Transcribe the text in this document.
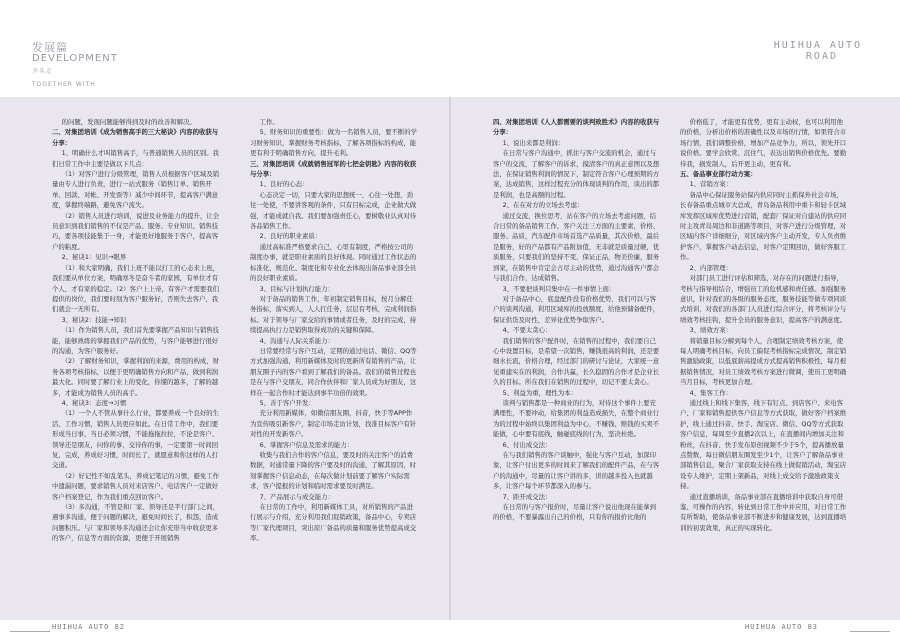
发展篇
DEVELOPMENT
齐头走
TOGETHER WITH
HUIHUA AUTO
ROAD

的问题，发现问题能够得到及时的改善和解决。

二、对集团培训《成为销售高手的三大秘诀》内容的收获与分享：

1、明确什么才叫销售高手，与普通销售人员的区别。我们日常工作中主要是做以下几点：

（1）对客户进行分级管理，销售人员根据客户区域及销量由专人进行负责，进行一站式服务（销售订单、销售开单、回款、对帐、开发票等）减少中间环节，提高客户满意度，掌握终端路，避免客户流失。

（2）销售人员进行培训，说进及业务能力的提升，让全员意识到我们销售的不仅是产品、服务、专业知识、销售技巧，要各项技能集于一身，才能更好地服务于客户，提高客户的粘度。

2、秘诀1：见识→眼界

（1）和大家明确，我们上班不能以打工的心态来上班，我们要从单位方案，明确寒冬是奋斗者的家园，有单位才有个人，才有家的稳定。（2）客户上上帝，有客户才需要我们提供的岗位，我们要时刻为客户服务好，否则失去客户，我们就会一无所有。

3、秘诀2：技能→知识

（1）作为销售人员，我们首先要掌握产品知识与销售技能，能够熟练的掌握我们产品的优势，与客户能够进行很好的沟通，为客户服务好。

（2）了解财务知识，掌握利润的来源，费用的构成，财务各项考核指标，以便于更明确销售方向和产品，做到利润最大化。同时要了解行业上的变化，你懂的越多，了解的越多，才能成为销售人员的高手。

4、秘诀3：态度→习惯

（1）一个人不管从事什么行业，都要养成一个良好的生活、工作习惯，销售人员更应如此。在日常工作中，我们要形成当日事，当日必须习惯，不能拖拖拉拉，不论是客户、领导还是朋友，问你的事，交待你的事，一定要第一时间回复，完成，养成好习惯，时间长了，就愿意和你这样的人打交道。

（2）好记性不如乱笔头，养成记笔记的习惯，避免工作中遗漏问题，要求销售人员对来店客户、电话客户一定做好客户档案登记，作为我们重点回访客户。

（3）多沟通，不管是和厂家、领导还是平行部门之间，遇事多沟通，便于问题的解决，避免时间长了，积怨，造成问题积压。与厂家和领导多沟通还会让你充形当中收获更多的客户，信息等方面的资源，更便于开展销售

工作。

5、财务知识的重要性：做为一名销售人员，要不断的学习财务知识，掌握财务考核指标，了解各项指标的构成，能更有利于明确销售方向，提升毛利。

三、对集团培训《成就销售冠军的七把金钥匙》内容的收获与分享：

1、良好的心态：

心态决定一切，只要大家的思想统一，心往一处想，劲往一处使，不要讲客观的条件，只有目标完成，企业做大做强，才能成就自我。我们要加强责任心，要树敬业认真对待各品销售工作。

2、良好的职业素质：

通过高标准严格要求自己，心里有制度，严格按公司的制度办事，就是职业素质的良好体现。同时通过工作状态的标准化、规范化、制度化和专业化去体现出备品事业部全员的良好职业素质。

3、目标与计划执行能力：

对于备品的销售工作，年初制定销售目标，按月分解任务指标，落实到人，人人扛任务，层层有考核，完成利润指标。对于领导与厂家交给的事情或者任务，及时的完成，持续提高执行力是销售取得成功的关键和保障。

4、沟通与人际关系能力：

日常要经常与客户互动，定期的通过电话、微信、QQ等方式加强沟通，利用新媒体及时的更新所有销售的产品，让朋友圈子内的客户看到了解我们的备品。我们的销售过程也是在与客户交朋友，同合作伙伴和厂家人员成为好朋友，这样在一起合作时才能达到事半功倍的效果。

5、善于客户开发：

充分利用新媒体，如微信朋友圈，抖音，快手等APP作为宣传吸引新客户，制定市场走访计划，找准目标客户有针对性的开发新客户。

6、掌握客户信息及需求的能力：

收集与我们合作的客户信息，要及时的关注客户的消费数据，对通常量下降的客户要及时的沟通，了解其原因，时刻掌握客户信息动态，在每次做计划前要了解客户实际需求，客户提报的计划和临时需求要及时满足。

7、产品展示与成交能力：

在日常的工作中，利用新媒体工具，对所销售的产品进行展示与介绍，充分利用我们促销政策，备品中心，专卖店等厂家代理项目，突出原厂备品的质量和服务优势提高成交率。

四、对集团培训《人人都需要的谈判致胜术》内容的收获与分享：

1、说出来都是利润：

在日常与客户沟通中，抓住与客户交流的机会，通过与客户的交流，了解客户的诉求，摸清客户的真正意图以及想法，在保证销售利润的情况下，制定符合客户心理预期的方案，达成销售，这样过程充分的体现谈判的作用，谈出的都是利润，也是高额的过程。

2、在在对方的立场去考虑：

通过交流，换位思考，站在客户的立场去考虑问题，结合日常的备品销售工作，客户关注三方面的主要素，价格、服务、品质，汽车配件市场首选产品质量，其次价格，最后是服务，好的产品都有产品附加值，无非就是质量过硬，优质服务，只要我们的坚持不变，保证正品，物美价廉，服务到家，在销售中肯定会占尽主动的优势，通过沟通客户都会与我们合作，达成销售。

3、不要把谈判只集中在一件事情上面：

对于备品中心，底盘配件没有价格优势，我们可以与客户的谈判沟通，利用区域库的投放额度，给他预储备配件，保证供货及时性，差异化优势争取客户。

4、不要太贪心：

我们销售的客户配件时，在销售的过程中，我们要自己心中设置目标，是希望一次销售，赚钱很高的利润，还是要细水长流，价格合理，经过部门的研讨与论证，大家统一意见重建实在的利润，合作共赢，长久稳固的合作才是企业长久的目标。所在我们在销售的过程中，切记不要太贪心。

5、利益为重，理性为本：

谈判与销售都是一种商业的行为，对待这个事件上要充满理性，不要冲动，给集团的利益造成损失，在整个商业行为的过程中始终以集团利益为中心，不赚钱、赔钱的买卖不能做，心中要有底线，触碰底线的行为，坚决杜绝。

6、付出成交法：

在与我们销售的客户谈触中，强化与客户互动，加深印象，让客户付出更多的时间来了解我们的配件产品，在与客户的沟通中，尽量的让客户讲的多，讲的越多投入也就越多，让客户每个环节都深入的参与。

7、距开成交法：

在日常的与客户报价时，尽量让客户说出他现在能拿到的价格，不要暴露出自己的价格，只有你的报价比他的

价格低了，才能更有优势，更有主动权，也可以利用他的价格，分析出价格的准确性以及市场的行情，如果符合市场行情，我们调整价格，增加产品竞争力，所以，领先开口说价格。要学会欣赏、沉住气，表达出销售价格优先。要勤待我，损发制人，后开更主动，更有利。

五、备品事业部行动方案：

1、营销方案：

备品中心保证服务站保内供应同时主抓保外社会市场，长春备品重点城市大总成，青岛备品利用中重卡和轻卡区域库发挥区域库优势进行营销，配套厂保证对自建站的供应同时主攻青岛周边和非道路等项目，对客户进行分级管理，对区域内客户详细细分，对区域内客户主动开发，专人负责维护客户，掌握客户动态信息，对客户定期回访，做好客服工作。

2、内部管理：

对部门员工进行评估和筛选，对存在的问题进行指导，考核与指导相结合，增强员工的危机感和责任感。加强服务意识，针对我们的各级的服务态度，服务技能等做专项同质式培训，对我们的各部门人员进行综合评分，将考核评分与绩效考核挂钩，提升全员的服务意识，提高客户的满意度。

3、绩效方案：

将销量目标分解到每个人，合理制定绩效考核方案，使每人明确考核目标，向员工偏促考核指标完成情况，制定销售激励政策，以低底薪高提成方式提高销售积极性，每月根据销售情况，对员工绩效考核方案进行微调，使员工更明确当月目标，考核更加合理。

4、集客工作：

通过线上和线下集客，线下有钉点、到店客户、来电客户、厂家和销售提供客户信息等方式获取，做好客户档案维护，线上通过抖音、快手、淘宝店、微信、QQ等方式获取客户信息，每周至少直播2次以上，在直播间内增加关注和粉丝，在抖音、快手发布原创视频不少于5个，提高播放量点赞数，每日微信朋友圈发至少1个，让客户了解备品事业部销售信息，聚合厂家获取支持在线上做促销活动，淘宝店设专人维护，定期上架新品，对线上成交给予激励政策支持。

通过直播培训，备品事业部在直播培训中获取自身可借鉴、可操作的内容，转化到日常工作中并应用，对日常工作有所帮助，使备品事业部不断进步和健康发展，达到直播培训的初衷效果，真正的实现转化。

HUIHUA AUTO 82	HUIHUA AUTO 83
